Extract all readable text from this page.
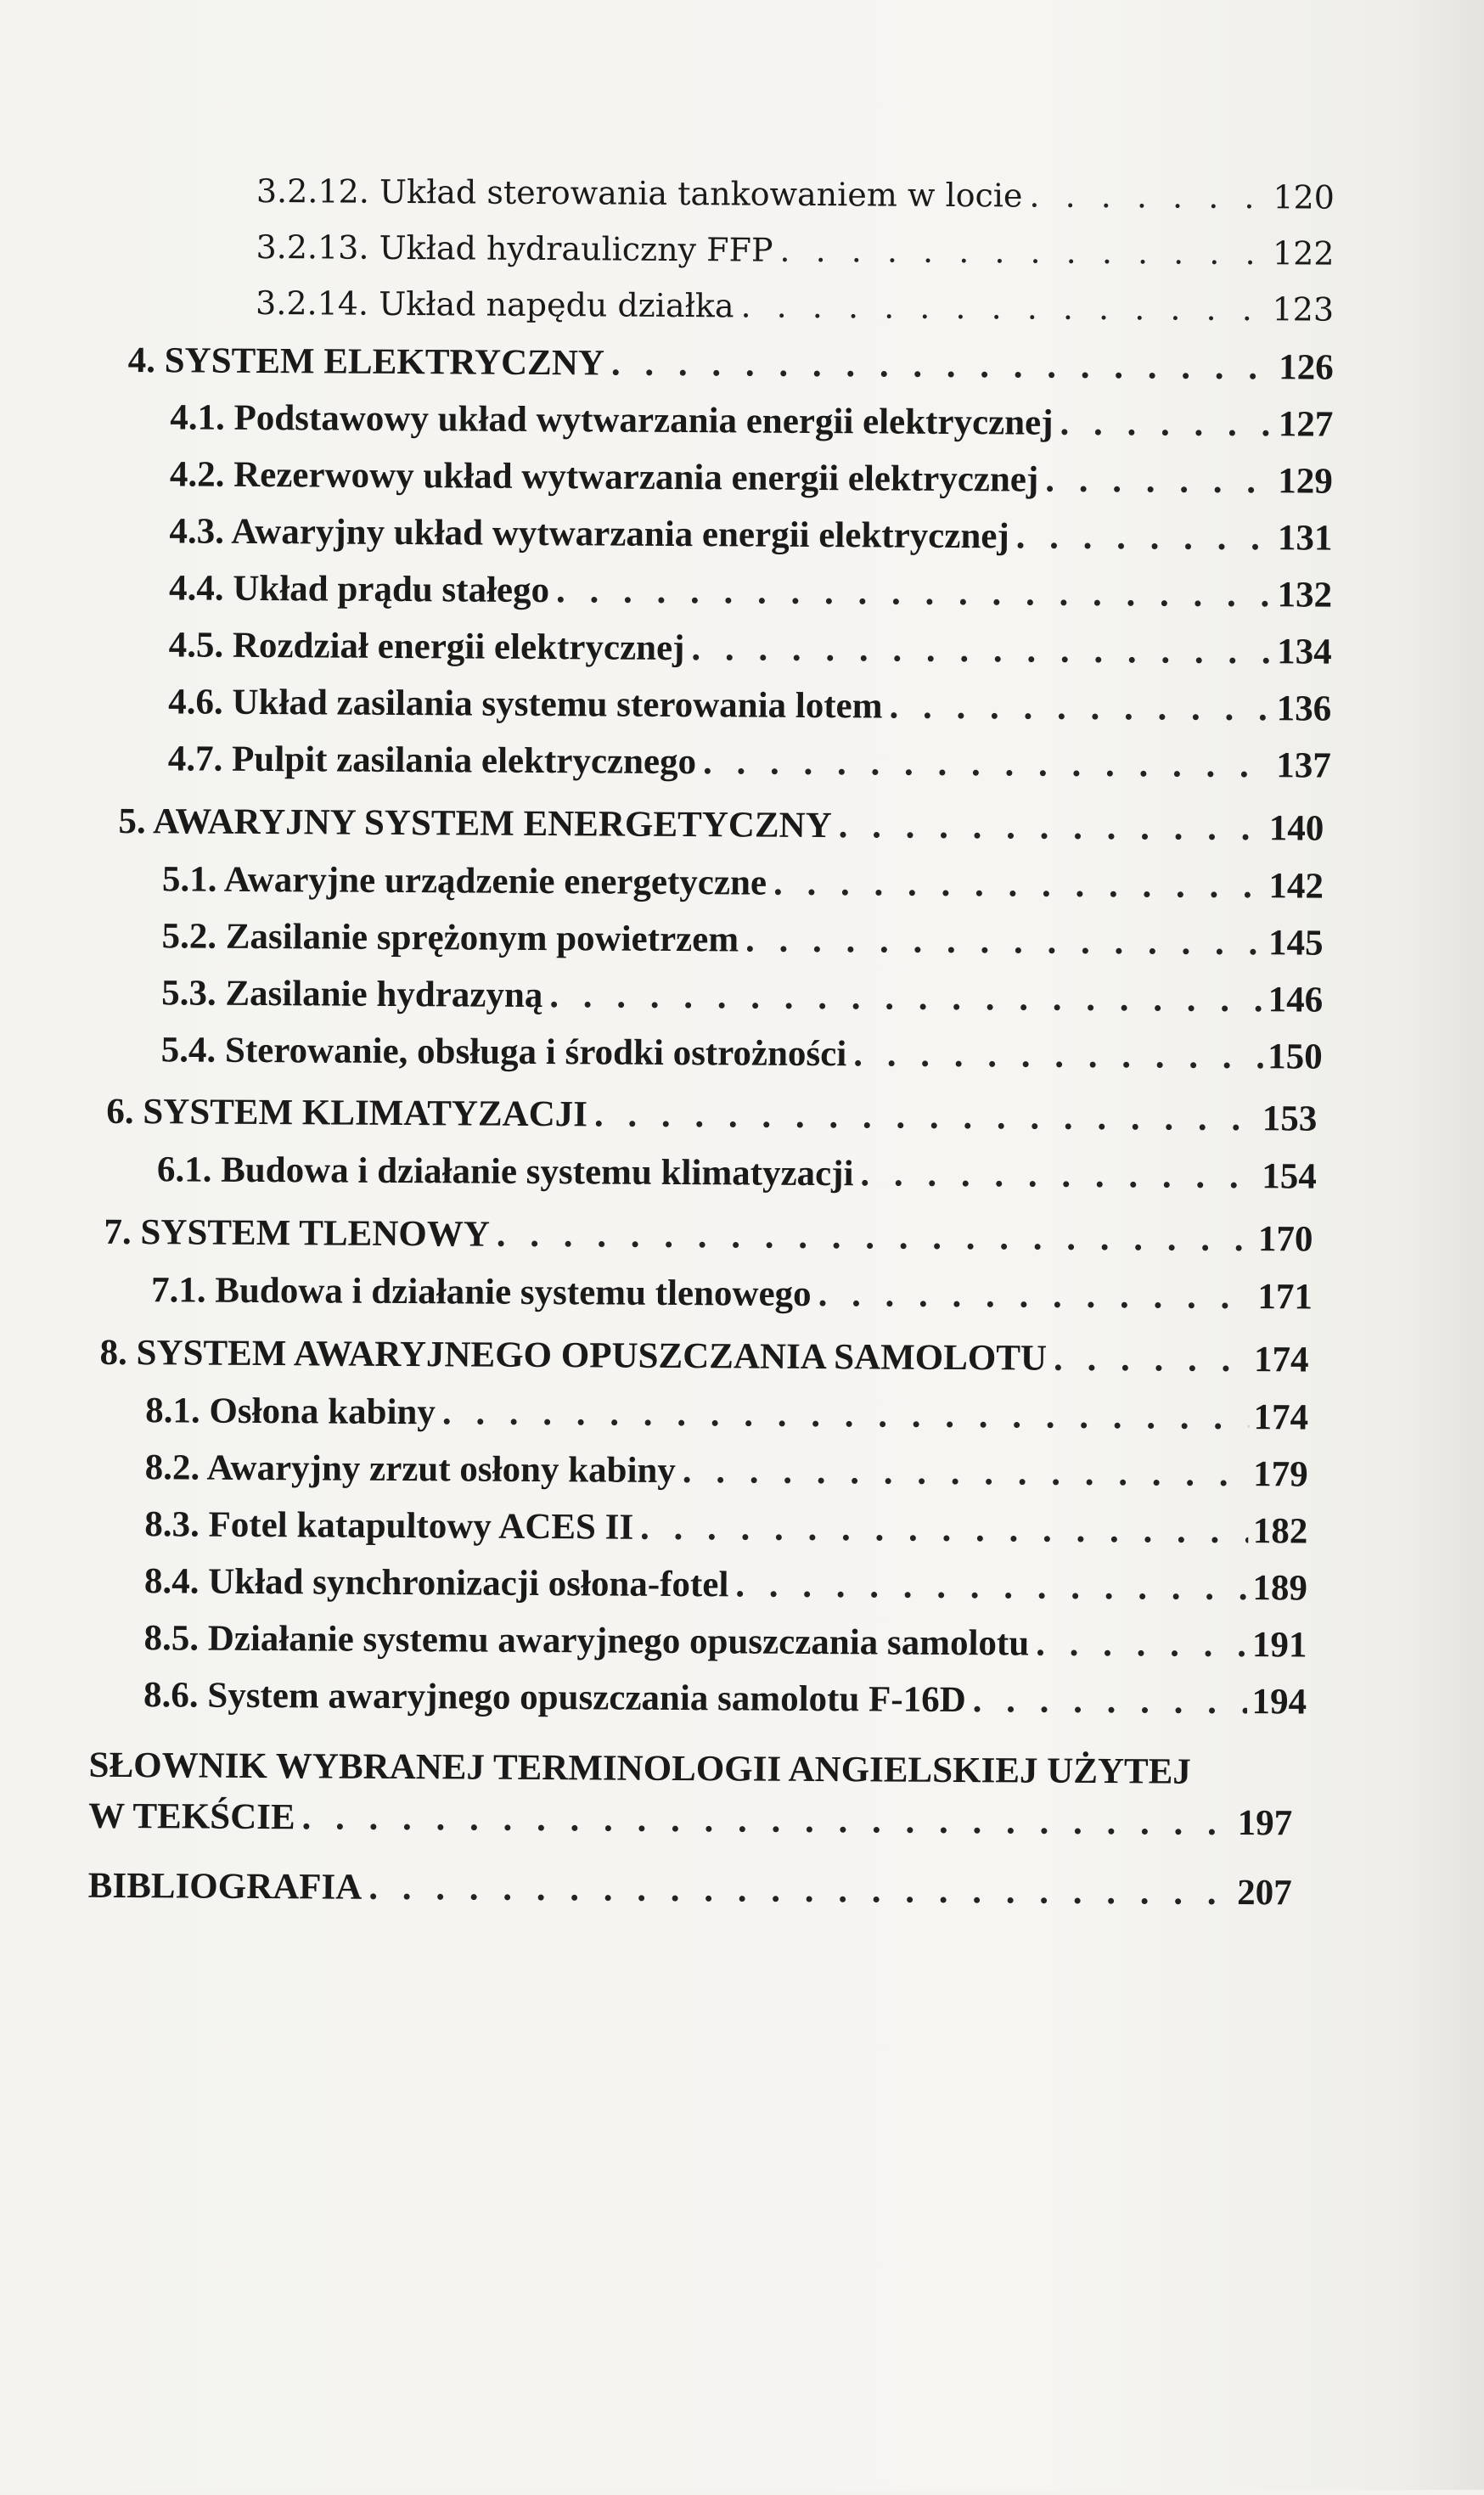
3.2.12. Układ sterowania tankowaniem w locie . . .	120
3.2.13. Układ hydrauliczny FFP . . .	122
3.2.14. Układ napędu działka . . .	123
4. SYSTEM ELEKTRYCZNY . . .	126
4.1. Podstawowy układ wytwarzania energii elektrycznej . . .	127
4.2. Rezerwowy układ wytwarzania energii elektrycznej . . .	129
4.3. Awaryjny układ wytwarzania energii elektrycznej . . .	131
4.4. Układ prądu stałego . . .	132
4.5. Rozdział energii elektrycznej . . .	134
4.6. Układ zasilania systemu sterowania lotem . . .	136
4.7. Pulpit zasilania elektrycznego . . .	137
5. AWARYJNY SYSTEM ENERGETYCZNY . . .	140
5.1. Awaryjne urządzenie energetyczne . . .	142
5.2. Zasilanie sprężonym powietrzem . . .	145
5.3. Zasilanie hydrazyną . . .	146
5.4. Sterowanie, obsługa i środki ostrożności . . .	150
6. SYSTEM KLIMATYZACJI . . .	153
6.1. Budowa i działanie systemu klimatyzacji . . .	154
7. SYSTEM TLENOWY . . .	170
7.1. Budowa i działanie systemu tlenowego . . .	171
8. SYSTEM AWARYJNEGO OPUSZCZANIA SAMOLOTU . . .	174
8.1. Osłona kabiny . . .	174
8.2. Awaryjny zrzut osłony kabiny . . .	179
8.3. Fotel katapultowy ACES II . . .	182
8.4. Układ synchronizacji osłona-fotel . . .	189
8.5. Działanie systemu awaryjnego opuszczania samolotu . . .	191
8.6. System awaryjnego opuszczania samolotu F-16D . . .	194
SŁOWNIK WYBRANEJ TERMINOLOGII ANGIELSKIEJ UŻYTEJ
W TEKŚCIE . . .	197
BIBLIOGRAFIA . . .	207
